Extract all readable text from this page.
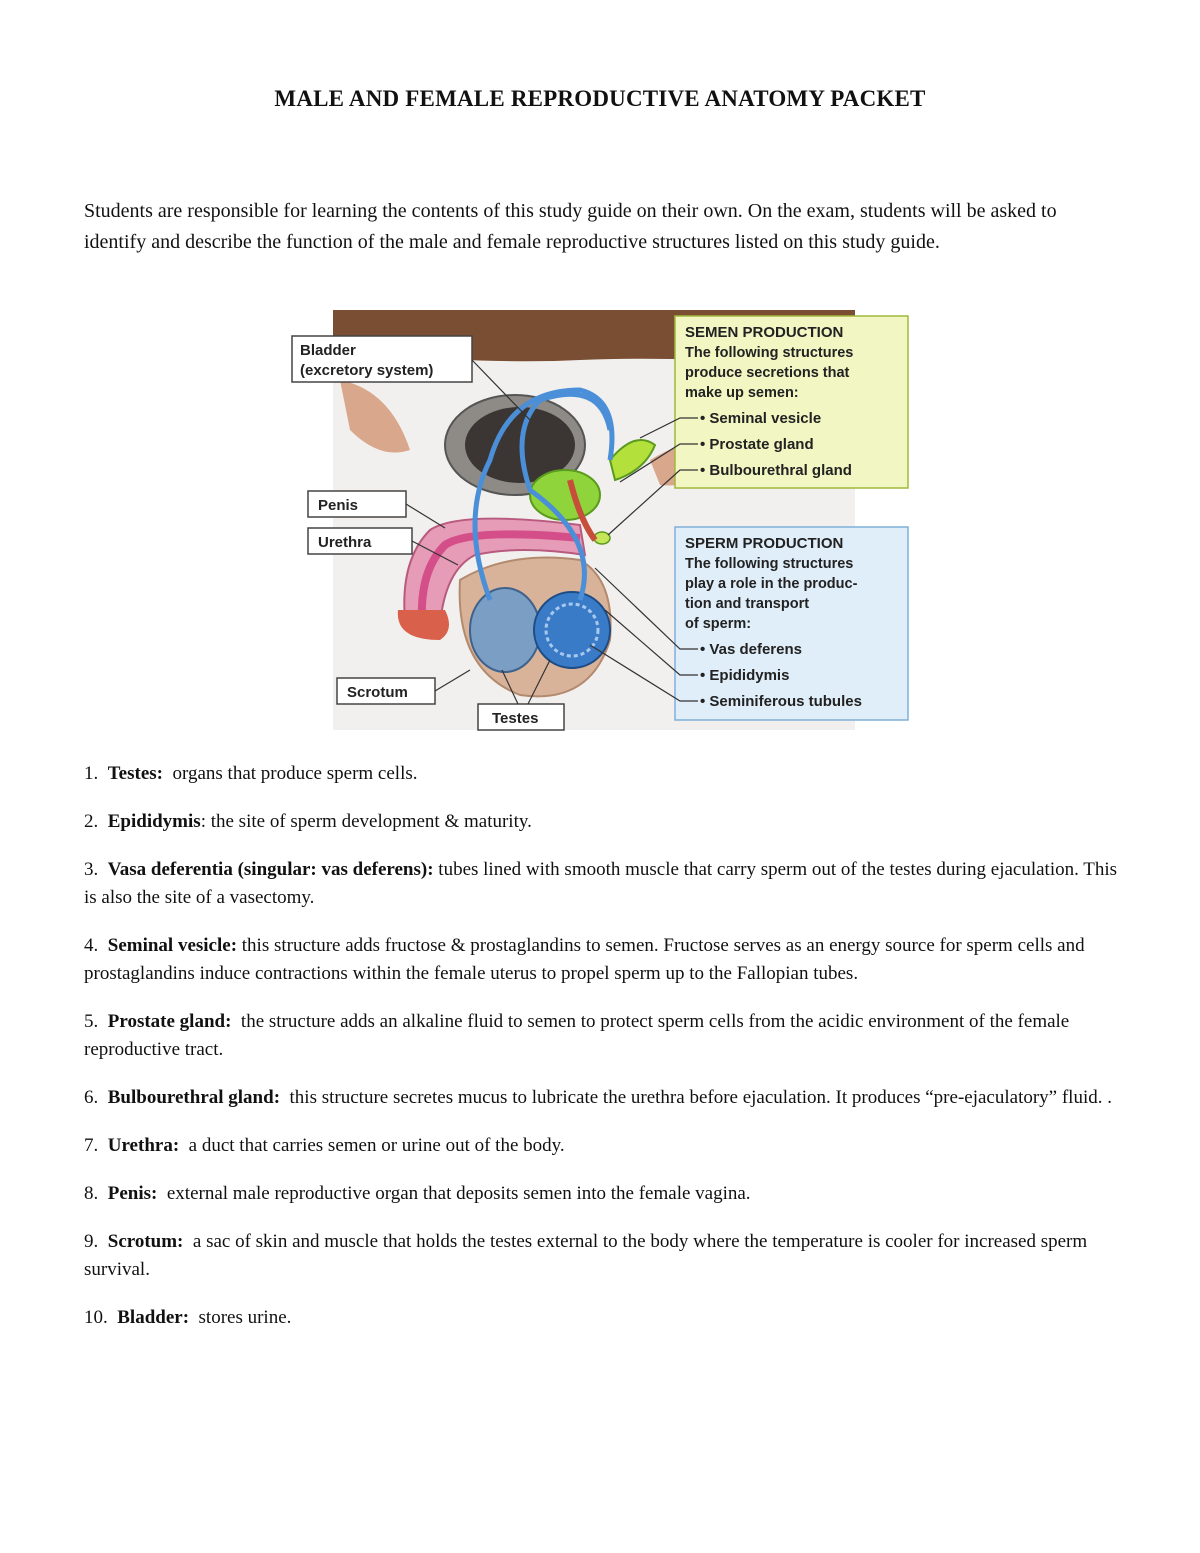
MALE AND FEMALE REPRODUCTIVE ANATOMY PACKET

Students are responsible for learning the contents of this study guide on their own. On the exam, students will be asked to identify and describe the function of the male and female reproductive structures listed on this study guide.

Bladder
(excretory system)
Penis
Urethra
Scrotum
Testes
SEMEN PRODUCTION
The following structures
produce secretions that
make up semen:
• Seminal vesicle
• Prostate gland
• Bulbourethral gland
SPERM PRODUCTION
The following structures
play a role in the produc-
tion and transport
of sperm:
• Vas deferens
• Epididymis
• Seminiferous tubules
1. Testes: organs that produce sperm cells.
2. Epididymis: the site of sperm development & maturity.
3. Vasa deferentia (singular: vas deferens): tubes lined with smooth muscle that carry sperm out of the testes during ejaculation. This is also the site of a vasectomy.
4. Seminal vesicle: this structure adds fructose & prostaglandins to semen. Fructose serves as an energy source for sperm cells and prostaglandins induce contractions within the female uterus to propel sperm up to the Fallopian tubes.
5. Prostate gland: the structure adds an alkaline fluid to semen to protect sperm cells from the acidic environment of the female reproductive tract.
6. Bulbourethral gland: this structure secretes mucus to lubricate the urethra before ejaculation. It produces “pre-ejaculatory” fluid. .
7. Urethra: a duct that carries semen or urine out of the body.
8. Penis: external male reproductive organ that deposits semen into the female vagina.
9. Scrotum: a sac of skin and muscle that holds the testes external to the body where the temperature is cooler for increased sperm survival.
10. Bladder: stores urine.
